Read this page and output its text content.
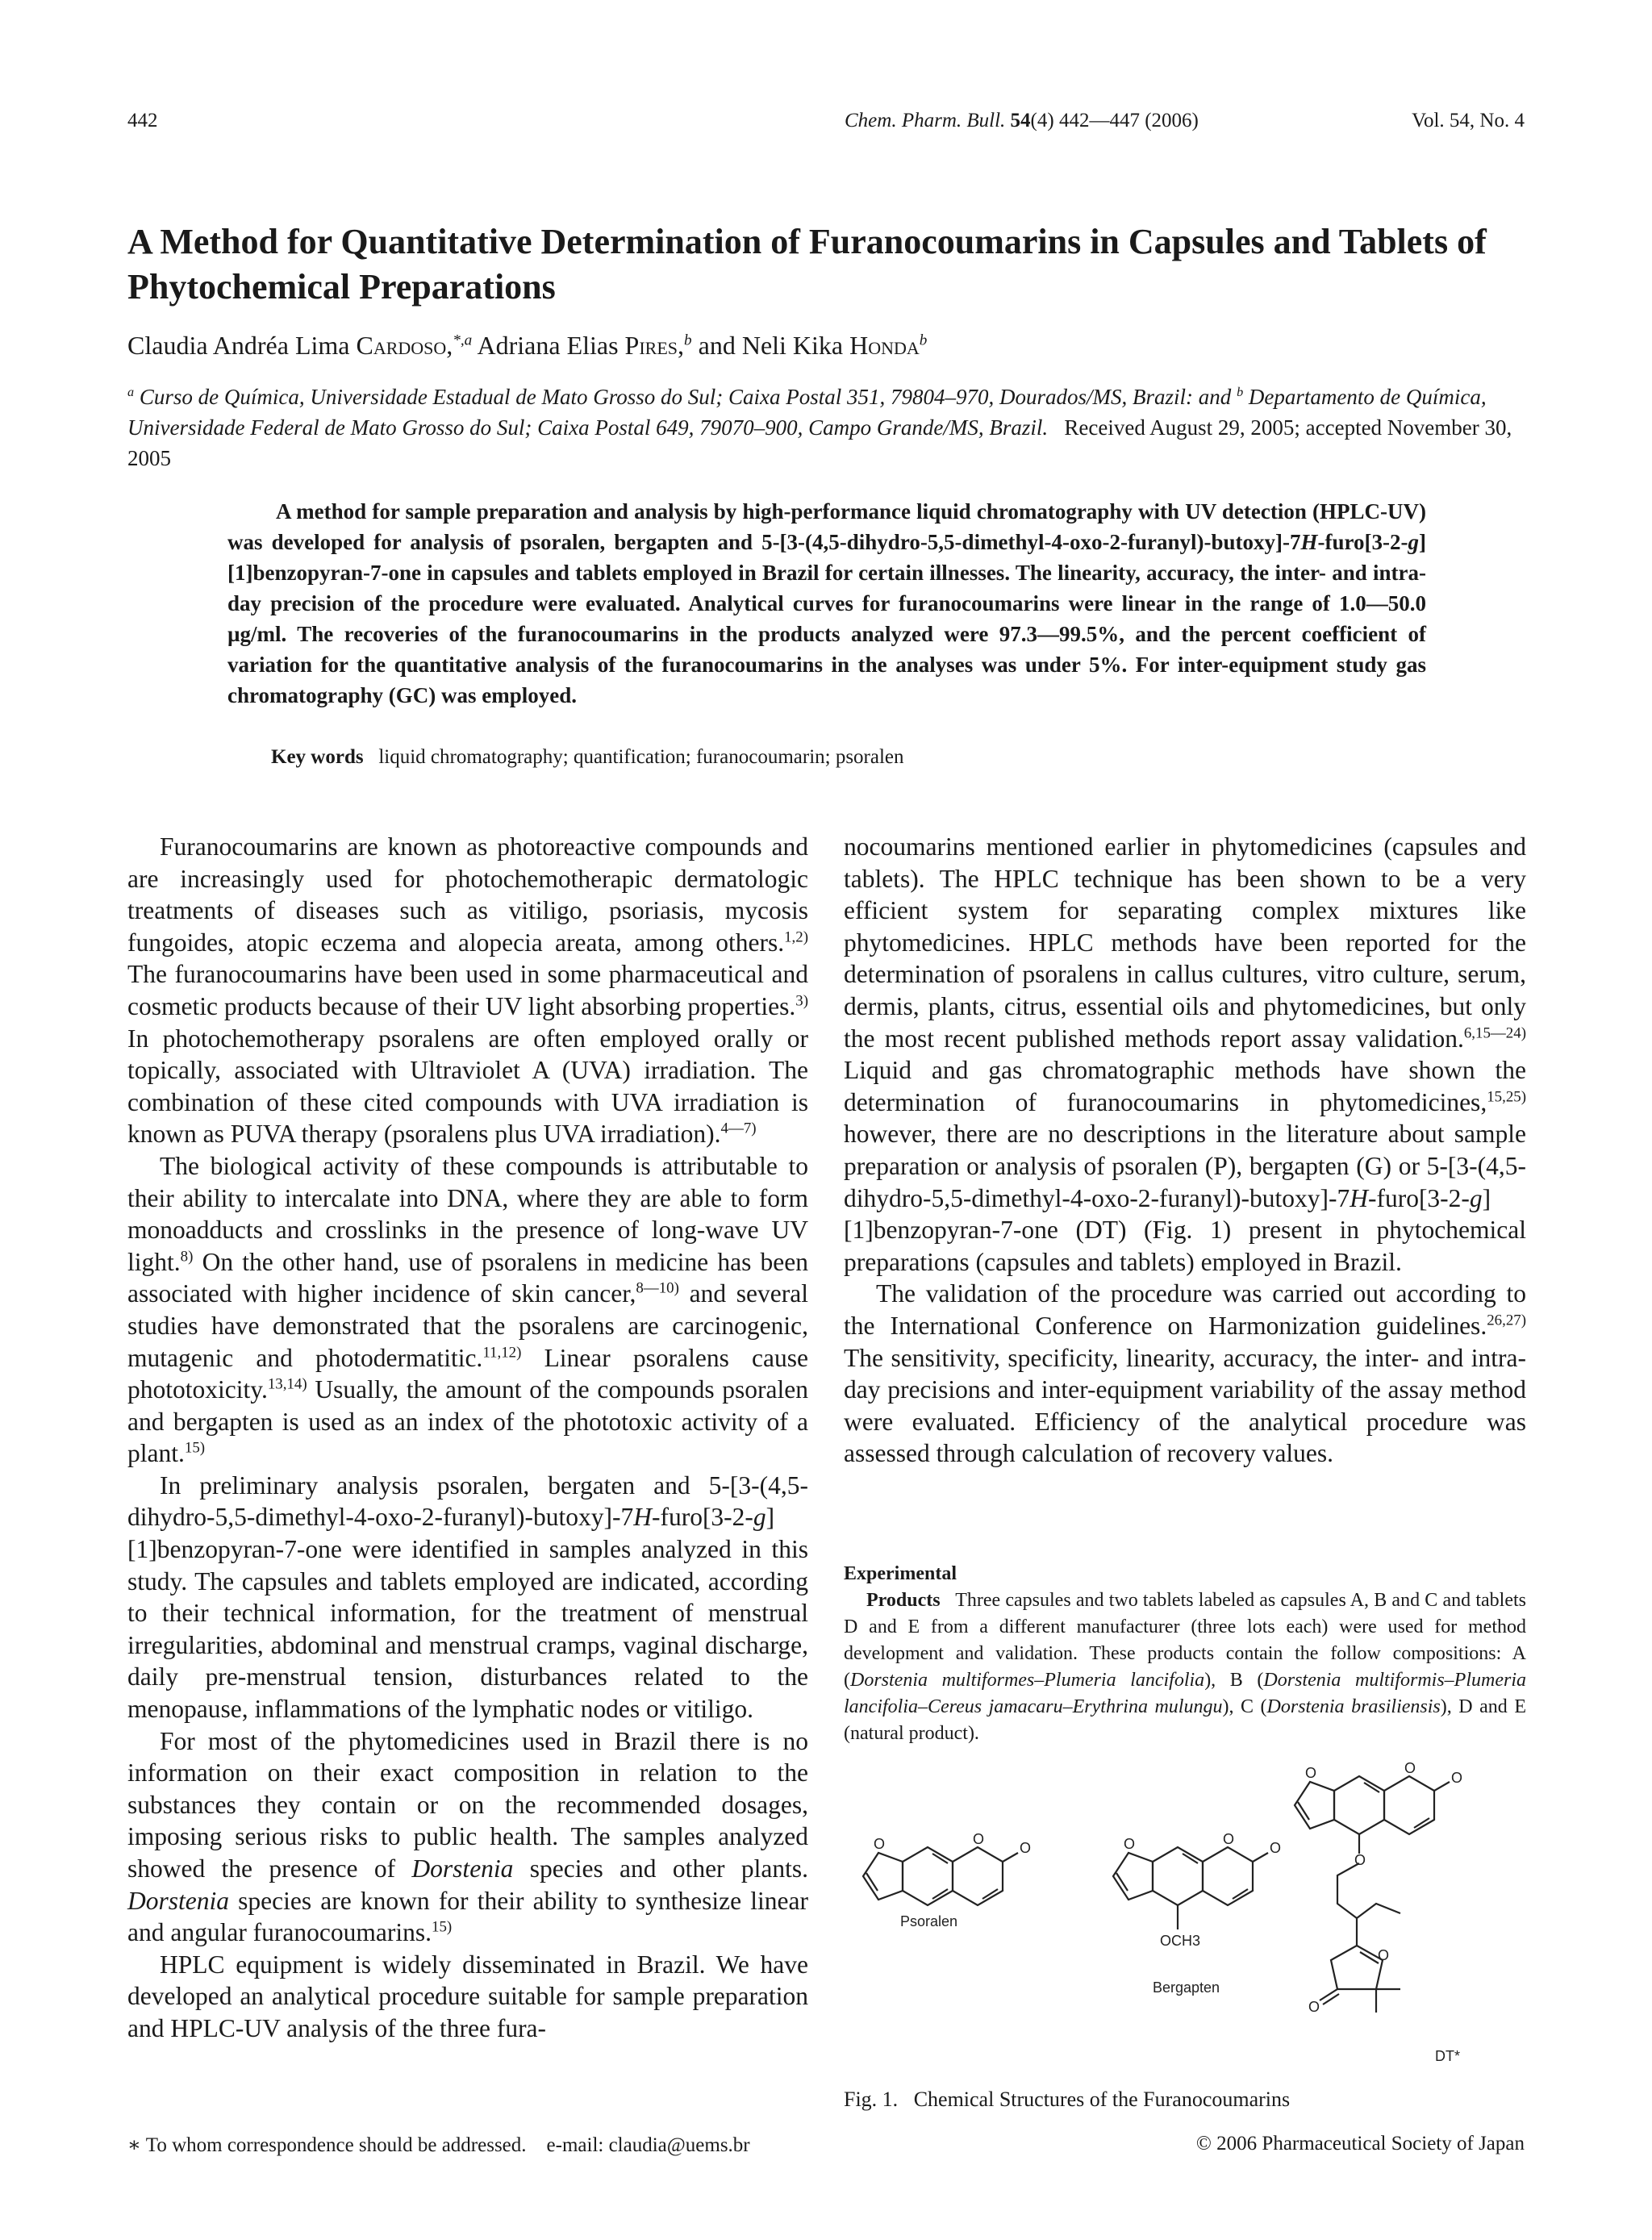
442	Chem. Pharm. Bull. 54(4) 442—447 (2006)	Vol. 54, No. 4
A Method for Quantitative Determination of Furanocoumarins in Capsules and Tablets of Phytochemical Preparations
Claudia Andréa Lima Cardoso,$^{*,a}$ Adriana Elias Pires,$^b$ and Neli Kika Honda$^b$
$^a$ Curso de Química, Universidade Estadual de Mato Grosso do Sul; Caixa Postal 351, 79804–970, Dourados/MS, Brazil: and $^b$ Departamento de Química, Universidade Federal de Mato Grosso do Sul; Caixa Postal 649, 79070–900, Campo Grande/MS, Brazil. Received August 29, 2005; accepted November 30, 2005
A method for sample preparation and analysis by high-performance liquid chromatography with UV detection (HPLC-UV) was developed for analysis of psoralen, bergapten and 5-[3-(4,5-dihydro-5,5-dimethyl-4-oxo-2-furanyl)-butoxy]-7H-furo[3-2-g][1]benzopyran-7-one in capsules and tablets employed in Brazil for certain illnesses. The linearity, accuracy, the inter- and intra-day precision of the procedure were evaluated. Analytical curves for furanocoumarins were linear in the range of 1.0—50.0 µg/ml. The recoveries of the furanocoumarins in the products analyzed were 97.3—99.5%, and the percent coefficient of variation for the quantitative analysis of the furanocoumarins in the analyses was under 5%. For inter-equipment study gas chromatography (GC) was employed.
Key words liquid chromatography; quantification; furanocoumarin; psoralen

Furanocoumarins are known as photoreactive compounds and are increasingly used for photochemotherapic dermatologic treatments of diseases such as vitiligo, psoriasis, mycosis fungoides, atopic eczema and alopecia areata, among others.$^{1,2)}$ The furanocoumarins have been used in some pharmaceutical and cosmetic products because of their UV light absorbing properties.$^{3)}$ In photochemotherapy psoralens are often employed orally or topically, associated with Ultraviolet A (UVA) irradiation. The combination of these cited compounds with UVA irradiation is known as PUVA therapy (psoralens plus UVA irradiation).$^{4—7)}$

The biological activity of these compounds is attributable to their ability to intercalate into DNA, where they are able to form monoadducts and crosslinks in the presence of long-wave UV light.$^{8)}$ On the other hand, use of psoralens in medicine has been associated with higher incidence of skin cancer,$^{8—10)}$ and several studies have demonstrated that the psoralens are carcinogenic, mutagenic and photodermatitic.$^{11,12)}$ Linear psoralens cause phototoxicity.$^{13,14)}$ Usually, the amount of the compounds psoralen and bergapten is used as an index of the phototoxic activity of a plant.$^{15)}$

In preliminary analysis psoralen, bergaten and 5-[3-(4,5-dihydro-5,5-dimethyl-4-oxo-2-furanyl)-butoxy]-7H-furo[3-2-g][1]benzopyran-7-one were identified in samples analyzed in this study. The capsules and tablets employed are indicated, according to their technical information, for the treatment of menstrual irregularities, abdominal and menstrual cramps, vaginal discharge, daily pre-menstrual tension, disturbances related to the menopause, inflammations of the lymphatic nodes or vitiligo.

For most of the phytomedicines used in Brazil there is no information on their exact composition in relation to the substances they contain or on the recommended dosages, imposing serious risks to public health. The samples analyzed showed the presence of Dorstenia species and other plants. Dorstenia species are known for their ability to synthesize linear and angular furanocoumarins.$^{15)}$

HPLC equipment is widely disseminated in Brazil. We have developed an analytical procedure suitable for sample preparation and HPLC-UV analysis of the three fura-

nocoumarins mentioned earlier in phytomedicines (capsules and tablets). The HPLC technique has been shown to be a very efficient system for separating complex mixtures like phytomedicines. HPLC methods have been reported for the determination of psoralens in callus cultures, vitro culture, serum, dermis, plants, citrus, essential oils and phytomedicines, but only the most recent published methods report assay validation.$^{6,15—24)}$ Liquid and gas chromatographic methods have shown the determination of furanocoumarins in phytomedicines,$^{15,25)}$ however, there are no descriptions in the literature about sample preparation or analysis of psoralen (P), bergapten (G) or 5-[3-(4,5-dihydro-5,5-dimethyl-4-oxo-2-furanyl)-butoxy]-7H-furo[3-2-g][1]benzopyran-7-one (DT) (Fig. 1) present in phytochemical preparations (capsules and tablets) employed in Brazil.

The validation of the procedure was carried out according to the International Conference on Harmonization guidelines.$^{26,27)}$ The sensitivity, specificity, linearity, accuracy, the inter- and intra-day precisions and inter-equipment variability of the assay method were evaluated. Efficiency of the analytical procedure was assessed through calculation of recovery values.

Experimental
Products Three capsules and two tablets labeled as capsules A, B and C and tablets D and E from a different manufacturer (three lots each) were used for method development and validation. These products contain the follow compositions: A (Dorstenia multiformes–Plumeria lancifolia), B (Dorstenia multiformis–Plumeria lancifolia–Cereus jamacaru–Erythrina mulungu), C (Dorstenia brasiliensis), D and E (natural product).
O	O
O	O	O
O
OCH3
O	O
O
O
O
O
Psoralen
Bergapten
DT*
Fig. 1. Chemical Structures of the Furanocoumarins
∗ To whom correspondence should be addressed. e-mail: claudia@uems.br	© 2006 Pharmaceutical Society of Japan
